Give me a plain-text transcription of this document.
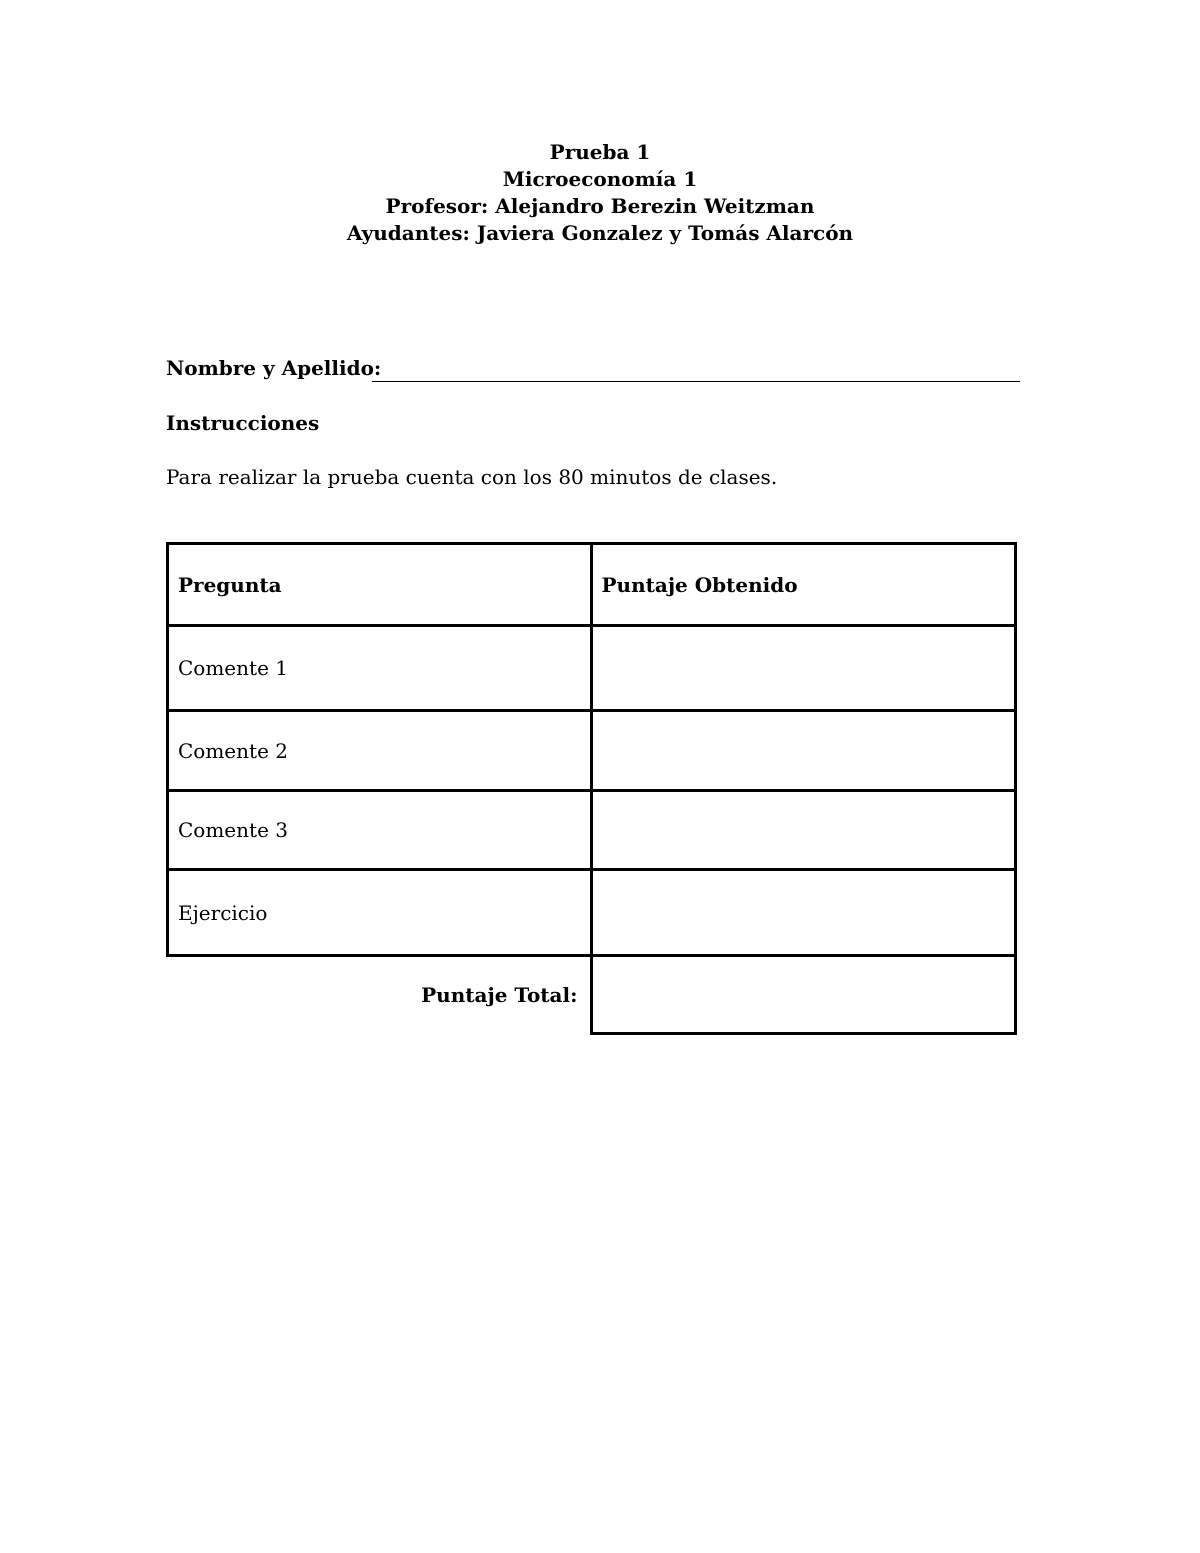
Prueba 1
Microeconomía 1
Profesor: Alejandro Berezin Weitzman
Ayudantes: Javiera Gonzalez y Tomás Alarcón
Nombre y Apellido:
Instrucciones
Para realizar la prueba cuenta con los 80 minutos de clases.
Pregunta	Puntaje Obtenido
Comente 1	
Comente 2	
Comente 3	
Ejercicio	
Puntaje Total:	
